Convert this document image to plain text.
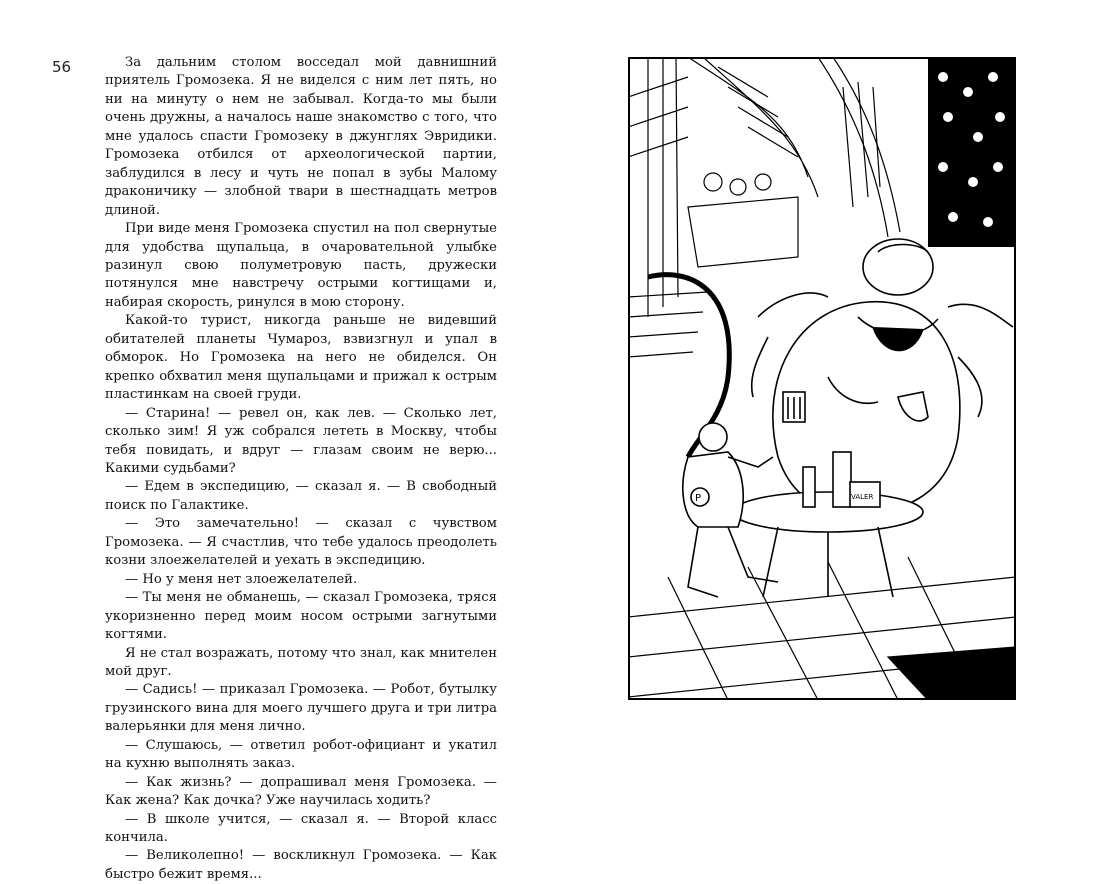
56	За дальним столом восседал мой давнишний приятель Громозека. Я не виделся с ним лет пять, но ни на минуту о нем не забывал. Когда-то мы были очень дружны, а началось наше знакомство с того, что мне удалось спасти Громозеку в джунглях Эвридики. Громозека отбился от археологической партии, заблудился в лесу и чуть не попал в зубы Малому драконичику — злобной твари в шестнадцать метров длиной.

При виде меня Громозека спустил на пол свернутые для удобства щупальца, в очаровательной улыбке разинул свою полуметровую пасть, дружески потянулся мне навстречу острыми когтищами и, набирая скорость, ринулся в мою сторону.

Какой-то турист, никогда раньше не видевший обитателей планеты Чумароз, взвизгнул и упал в обморок. Но Громозека на него не обиделся. Он крепко обхватил меня щупальцами и прижал к острым пластинкам на своей груди.

— Старина! — ревел он, как лев. — Сколько лет, сколько зим! Я уж собрался лететь в Москву, чтобы тебя повидать, и вдруг — глазам своим не верю... Какими судьбами?

— Едем в экспедицию, — сказал я. — В свободный поиск по Галактике.

— Это замечательно! — сказал с чувством Громозека. — Я счастлив, что тебе удалось преодолеть козни злоежелателей и уехать в экспедицию.

— Но у меня нет злоежелателей.

— Ты меня не обманешь, — сказал Громозека, тряся укоризненно перед моим носом острыми загнутыми когтями.

Я не стал возражать, потому что знал, как мнителен мой друг.

— Садись! — приказал Громозека. — Робот, бутылку грузинского вина для моего лучшего друга и три литра валерьянки для меня лично.

— Слушаюсь, — ответил робот-официант и укатил на кухню выполнять заказ.

— Как жизнь? — допрашивал меня Громозека. — Как жена? Как дочка? Уже научилась ходить?

— В школе учится, — сказал я. — Второй класс кончила.

— Великолепно! — воскликнул Громозека. — Как быстро бежит время...

VALER
P
